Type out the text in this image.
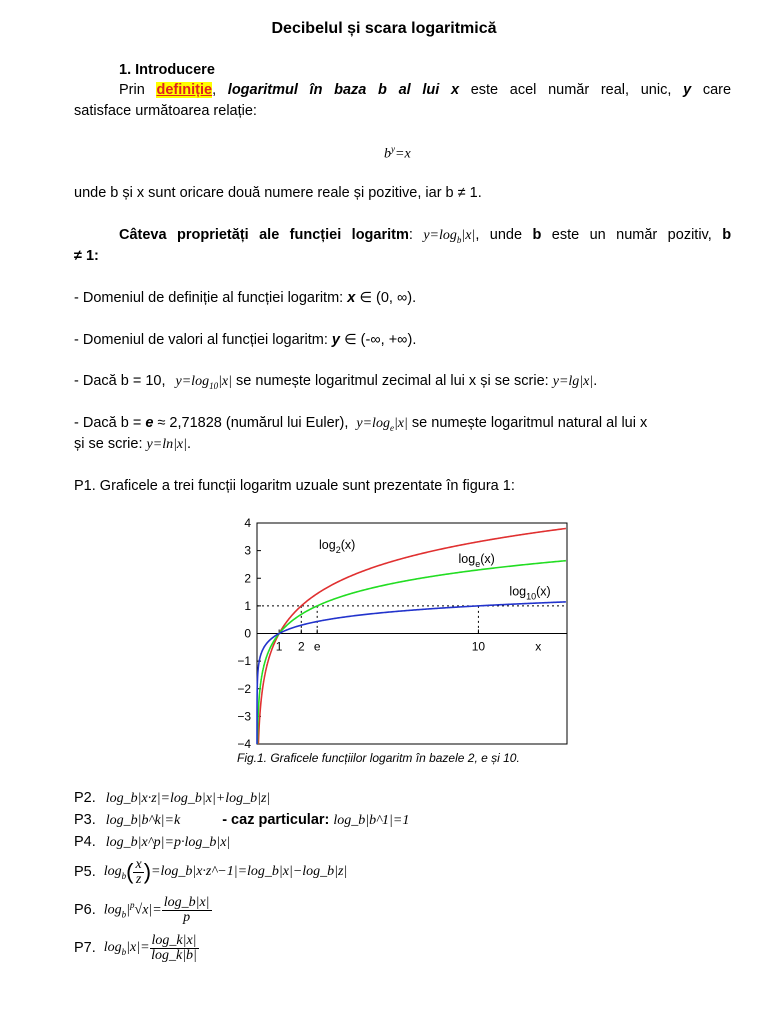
Decibelul și scara logaritmică
1. Introducere
Prin definiție, logaritmul în baza b al lui x este acel număr real, unic, y care
satisface următoarea relație:
$b^y=x$
unde b și x sunt oricare două numere reale și pozitive, iar b ≠ 1.
Câteva proprietăți ale funcției logaritm: $y=\log_b|x|$, unde b este un număr pozitiv, b
≠ 1:
- Domeniul de definiție al funcției logaritm: x ∈ (0, ∞).
- Domeniul de valori al funcției logaritm: y ∈ (-∞, +∞).
- Dacă b = 10, $y=\log_{10}|x|$ se numește logaritmul zecimal al lui x și se scrie: y=lg|x|.
- Dacă b = e ≈ 2,71828 (numărul lui Euler), $y=\log_e|x|$ se numește logaritmul natural al lui x
și se scrie: y=ln|x|.
P1. Graficele a trei funcții logaritm uzuale sunt prezentate în figura 1:
4
3
2
1
0
−1
−2
−3
−4
1 2 e	10	x
$\log_2(x)$
$\log_e(x)$
$\log_{10}(x)$
Fig.1. Graficele funcțiilor logaritm în bazele 2, e și 10.
P2. log_b|x·z|=log_b|x|+log_b|z|
P3. log_b|b^k|=k	- caz particular: log_b|b^1|=1
P4. log_b|x^p|=p·log_b|x|
P5. $\log_b$ ( $\frac{x}{z}$ ) =log_b|x·z^−1|=log_b|x|−log_b|z|
P6. $\log_b|^p√x|= \frac{\log\_b|x|}{p}$
P7. $\log_b|x|= \frac{\log\_k|x|}{\log\_k|b|}$
